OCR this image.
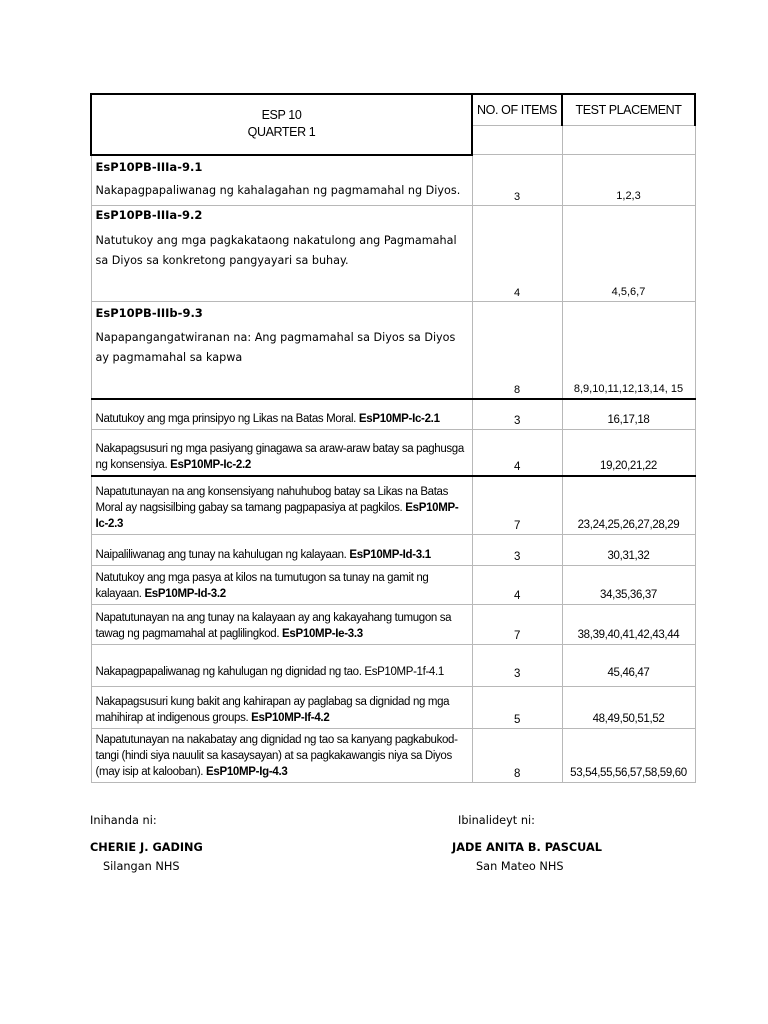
ESP 10
QUARTER 1	NO. OF ITEMS	TEST PLACEMENT

EsP10PB-IIIa-9.1
Nakapagpapaliwanag ng kahalagahan ng pagmamahal ng Diyos.	3	1,2,3

EsP10PB-IIIa-9.2
Natutukoy ang mga pagkakataong nakatulong ang Pagmamahal sa Diyos sa konkretong pangyayari sa buhay.	4	4,5,6,7

EsP10PB-IIIb-9.3
Napapangangatwiranan na: Ang pagmamahal sa Diyos sa Diyos ay pagmamahal sa kapwa	8	8,9,10,11,12,13,14, 15
Natutukoy ang mga prinsipyo ng Likas na Batas Moral. EsP10MP-Ic-2.1	3	16,17,18
Nakapagsusuri ng mga pasiyang ginagawa sa araw-araw batay sa paghusga ng konsensiya. EsP10MP-Ic-2.2	4	19,20,21,22
Napatutunayan na ang konsensiyang nahuhubog batay sa Likas na Batas Moral ay nagsisilbing gabay sa tamang pagpapasiya at pagkilos. EsP10MP-Ic-2.3	7	23,24,25,26,27,28,29
Naipaliliwanag ang tunay na kahulugan ng kalayaan. EsP10MP-Id-3.1	3	30,31,32
Natutukoy ang mga pasya at kilos na tumutugon sa tunay na gamit ng kalayaan. EsP10MP-Id-3.2	4	34,35,36,37
Napatutunayan na ang tunay na kalayaan ay ang kakayahang tumugon sa tawag ng pagmamahal at paglilingkod. EsP10MP-Ie-3.3	7	38,39,40,41,42,43,44
Nakapagpapaliwanag ng kahulugan ng dignidad ng tao. EsP10MP-1f-4.1	3	45,46,47
Nakapagsusuri kung bakit ang kahirapan ay paglabag sa dignidad ng mga mahihirap at indigenous groups. EsP10MP-If-4.2	5	48,49,50,51,52
Napatutunayan na nakabatay ang dignidad ng tao sa kanyang pagkabukod-tangi (hindi siya nauulit sa kasaysayan) at sa pagkakawangis niya sa Diyos (may isip at kalooban). EsP10MP-Ig-4.3	8	53,54,55,56,57,58,59,60
Inihanda ni:
CHERIE J. GADING
Silangan NHS
Ibinalideyt ni:
JADE ANITA B. PASCUAL
San Mateo NHS
